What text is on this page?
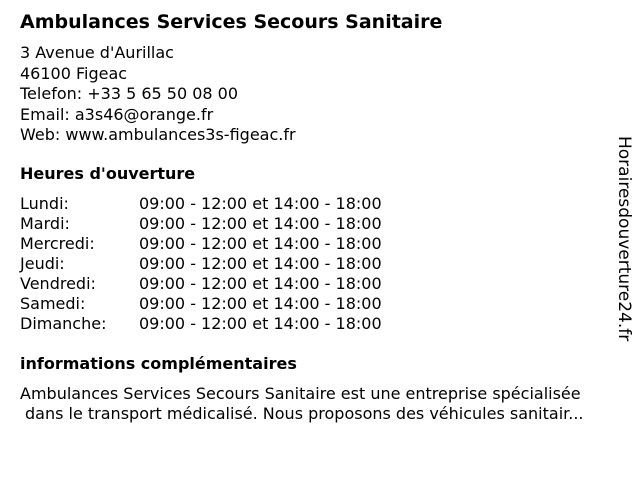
Ambulances Services Secours Sanitaire
3 Avenue d'Aurillac
46100 Figeac
Telefon: +33 5 65 50 08 00
Email: a3s46@orange.fr
Web: www.ambulances3s-figeac.fr
Heures d'ouverture
Lundi:	09:00 - 12:00 et 14:00 - 18:00
Mardi:	09:00 - 12:00 et 14:00 - 18:00
Mercredi:	09:00 - 12:00 et 14:00 - 18:00
Jeudi:	09:00 - 12:00 et 14:00 - 18:00
Vendredi:	09:00 - 12:00 et 14:00 - 18:00
Samedi:	09:00 - 12:00 et 14:00 - 18:00
Dimanche: 09:00 - 12:00 et 14:00 - 18:00
informations complémentaires
Ambulances Services Secours Sanitaire est une entreprise spécialisée
dans le transport médicalisé. Nous proposons des véhicules sanitair...
Horairesdouverture24.fr
